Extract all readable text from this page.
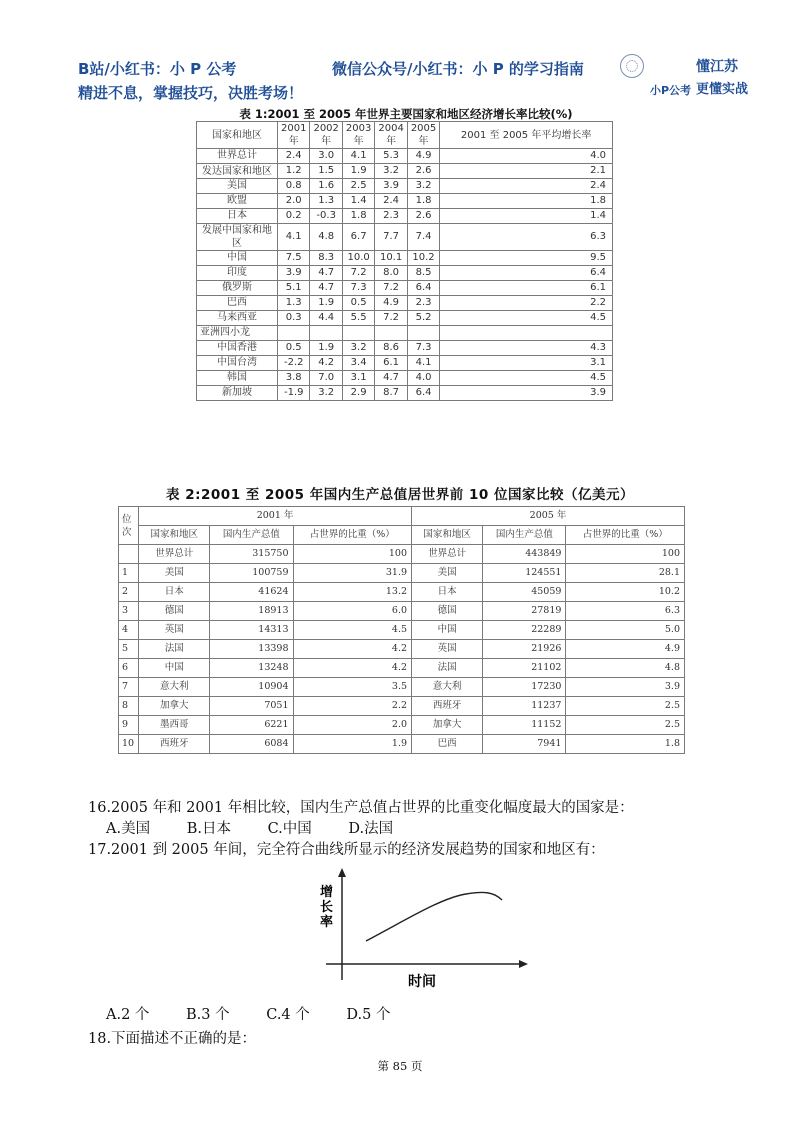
B站/小红书：小 P 公考
精进不息，掌握技巧，决胜考场！
微信公众号/小红书：小 P 的学习指南
小P公考
懂江苏
更懂实战
表 1:2001 至 2005 年世界主要国家和地区经济增长率比较(%)
国家和地区	2001年	2002年	2003年	2004年	2005年	2001 至 2005 年平均增长率
世界总计	2.4	3.0	4.1	5.3	4.9	4.0
发达国家和地区	1.2	1.5	1.9	3.2	2.6	2.1
美国	0.8	1.6	2.5	3.9	3.2	2.4
欧盟	2.0	1.3	1.4	2.4	1.8	1.8
日本	0.2	-0.3	1.8	2.3	2.6	1.4
发展中国家和地区	4.1	4.8	6.7	7.7	7.4	6.3
中国	7.5	8.3	10.0	10.1	10.2	9.5
印度	3.9	4.7	7.2	8.0	8.5	6.4
俄罗斯	5.1	4.7	7.3	7.2	6.4	6.1
巴西	1.3	1.9	0.5	4.9	2.3	2.2
马来西亚	0.3	4.4	5.5	7.2	5.2	4.5
亚洲四小龙						
中国香港	0.5	1.9	3.2	8.6	7.3	4.3
中国台湾	-2.2	4.2	3.4	6.1	4.1	3.1
韩国	3.8	7.0	3.1	4.7	4.0	4.5
新加坡	-1.9	3.2	2.9	8.7	6.4	3.9
表 2:2001 至 2005 年国内生产总值居世界前 10 位国家比较（亿美元）
位次	2001 年			2005 年		
	国家和地区	国内生产总值	占世界的比重（%）	国家和地区	国内生产总值	占世界的比重（%）
	世界总计	315750	100	世界总计	443849	100
1	美国	100759	31.9	美国	124551	28.1
2	日本	41624	13.2	日本	45059	10.2
3	德国	18913	6.0	德国	27819	6.3
4	英国	14313	4.5	中国	22289	5.0
5	法国	13398	4.2	英国	21926	4.9
6	中国	13248	4.2	法国	21102	4.8
7	意大利	10904	3.5	意大利	17230	3.9
8	加拿大	7051	2.2	西班牙	11237	2.5
9	墨西哥	6221	2.0	加拿大	11152	2.5
10	西班牙	6084	1.9	巴西	7941	1.8
16.2005 年和 2001 年相比较，国内生产总值占世界的比重变化幅度最大的国家是：
A.美国	B.日本	C.中国	D.法国
17.2001 到 2005 年间，完全符合曲线所显示的经济发展趋势的国家和地区有：
增长率
时间
A.2 个	B.3 个	C.4 个	D.5 个
18.下面描述不正确的是：
第 85 页
